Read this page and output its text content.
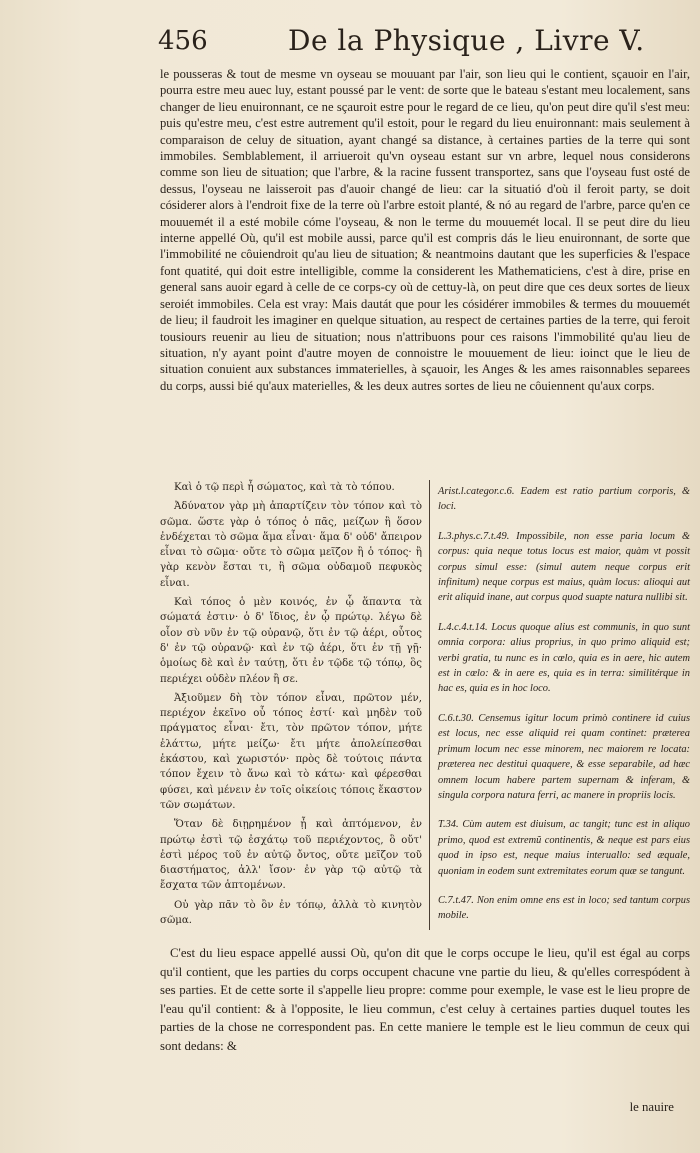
456	De la Physique , Livre V.

le pousseras & tout de mesme vn oyseau se mouuant par l'air, son lieu qui le contient, sçauoir en l'air, pourra estre meu auec luy, estant poussé par le vent: de sorte que le bateau s'estant meu localement, sans changer de lieu enuironnant, ce ne sçauroit estre pour le regard de ce lieu, qu'on peut dire qu'il s'est meu: puis qu'estre meu, c'est estre autrement qu'il estoit, pour le regard du lieu enuironnant: mais seulement à comparaison de celuy de situation, ayant changé sa distance, à certaines parties de la terre qui sont immobiles. Semblablement, il arriueroit qu'vn oyseau estant sur vn arbre, lequel nous considerons comme son lieu de situation; que l'arbre, & la racine fussent transportez, sans que l'oyseau fust osté de dessus, l'oyseau ne laisseroit pas d'auoir changé de lieu: car la situatió d'où il feroit party, se doit cósiderer alors à l'endroit fixe de la terre où l'arbre estoit planté, & nó au regard de l'arbre, parce qu'en ce mouuemét il a esté mobile cóme l'oyseau, & non le terme du mouuemét local. Il se peut dire du lieu interne appellé Où, qu'il est mobile aussi, parce qu'il est compris dás le lieu enuironnant, de sorte que l'immobilité ne côuiendroit qu'au lieu de situation; & neantmoins dautant que les superficies & l'espace font quatité, qui doit estre intelligible, comme la considerent les Mathematiciens, c'est à dire, prise en general sans auoir egard à celle de ce corps-cy où de cettuy-là, on peut dire que ces deux sortes de lieux seroiét immobiles. Cela est vray: Mais dautát que pour les cósidérer immobiles & termes du mouuemét de lieu; il faudroit les imaginer en quelque situation, au respect de certaines parties de la terre, qui feroit tousiours reuenir au lieu de situation; nous n'attribuons pour ces raisons l'immobilité qu'au lieu de situation, n'y ayant point d'autre moyen de connoistre le mouuement de lieu: ioinct que le lieu de situation conuient aux substances immaterielles, à sçauoir, les Anges & les ames raisonnables separees du corps, aussi bié qu'aux materielles, & les deux autres sortes de lieu ne côuiennent qu'aux corps.

Καὶ ὁ τῷ περὶ ἦ σώματος, καὶ τὰ τὸ τόπου.

Ἀδύνατον γὰρ μὴ ἀπαρτίζειν τὸν τόπον καὶ τὸ σῶμα. ὥστε γὰρ ὁ τόπος ὁ πᾶς, μείζων ἢ ὅσον ἐνδέχεται τὸ σῶμα ἅμα εἶναι· ἅμα δ' οὐδ' ἄπειρον εἶναι τὸ σῶμα· οὔτε τὸ σῶμα μεῖζον ἢ ὁ τόπος· ἢ γὰρ κενὸν ἔσται τι, ἢ σῶμα οὐδαμοῦ πεφυκὸς εἶναι.

Καὶ τόπος ὁ μὲν κοινός, ἐν ᾧ ἅπαντα τὰ σώματά ἐστιν· ὁ δ' ἴδιος, ἐν ᾧ πρώτῳ. λέγω δὲ οἷον σὺ νῦν ἐν τῷ οὐρανῷ, ὅτι ἐν τῷ ἀέρι, οὗτος δ' ἐν τῷ οὐρανῷ· καὶ ἐν τῷ ἀέρι, ὅτι ἐν τῇ γῇ· ὁμοίως δὲ καὶ ἐν ταύτῃ, ὅτι ἐν τῷδε τῷ τόπῳ, ὃς περιέχει οὐδὲν πλέον ἢ σε.

Ἀξιοῦμεν δὴ τὸν τόπον εἶναι, πρῶτον μέν, περιέχον ἐκεῖνο οὗ τόπος ἐστί· καὶ μηδὲν τοῦ πράγματος εἶναι· ἔτι, τὸν πρῶτον τόπον, μήτε ἐλάττω, μήτε μείζω· ἔτι μήτε ἀπολείπεσθαι ἑκάστου, καὶ χωριστόν· πρὸς δὲ τούτοις πάντα τόπον ἔχειν τὸ ἄνω καὶ τὸ κάτω· καὶ φέρεσθαι φύσει, καὶ μένειν ἐν τοῖς οἰκείοις τόποις ἕκαστον τῶν σωμάτων.

Ὅταν δὲ διῃρημένον ᾖ καὶ ἀπτόμενον, ἐν πρώτῳ ἐστὶ τῷ ἐσχάτῳ τοῦ περιέχοντος, ὃ οὔτ' ἐστὶ μέρος τοῦ ἐν αὐτῷ ὄντος, οὔτε μεῖζον τοῦ διαστήματος, ἀλλ' ἴσον· ἐν γὰρ τῷ αὐτῷ τὰ ἔσχατα τῶν ἁπτομένων.

Οὐ γὰρ πᾶν τὸ ὂν ἐν τόπῳ, ἀλλὰ τὸ κινητὸν σῶμα.

Arist.l.categor.c.6. Eadem est ratio partium corporis, & loci.

L.3.phys.c.7.t.49. Impossibile, non esse paria locum & corpus: quia neque totus locus est maior, quàm vt possit corpus simul esse: (simul autem neque corpus erit infinitum) neque corpus est maius, quàm locus: alioqui aut erit aliquid inane, aut corpus quod suapte natura nullibi sit.

L.4.c.4.t.14. Locus quoque alius est communis, in quo sunt omnia corpora: alius proprius, in quo primo aliquid est; verbi gratia, tu nunc es in cœlo, quia es in aere, hic autem est in cœlo: & in aere es, quia es in terra: similitérque in hac es, quia es in hoc loco.

C.6.t.30. Censemus igitur locum primò continere id cuius est locus, nec esse aliquid rei quam continet: præterea primum locum nec esse minorem, nec maiorem re locata: præterea nec destitui quaquere, & esse separabile, ad hæc omnem locum habere partem supernam & inferam, & singula corpora natura ferri, ac manere in propriis locis.

T.34. Cùm autem est diuisum, ac tangit; tunc est in aliquo primo, quod est extremũ continentis, & neque est pars eius quod in ipso est, neque maius interuallo: sed æquale, quoniam in eodem sunt extremitates eorum quæ se tangunt.

C.7.t.47. Non enim omne ens est in loco; sed tantum corpus mobile.

C'est du lieu espace appellé aussi Où, qu'on dit que le corps occupe le lieu, qu'il est égal au corps qu'il contient, que les parties du corps occupent chacune vne partie du lieu, & qu'elles correspódent à ses parties. Et de cette sorte il s'appelle lieu propre: comme pour exemple, le vase est le lieu propre de l'eau qu'il contient: & à l'opposite, le lieu commun, c'est celuy à certaines parties duquel toutes les parties de la chose ne correspondent pas. En cette maniere le temple est le lieu commun de ceux qui sont dedans: &

le nauire
